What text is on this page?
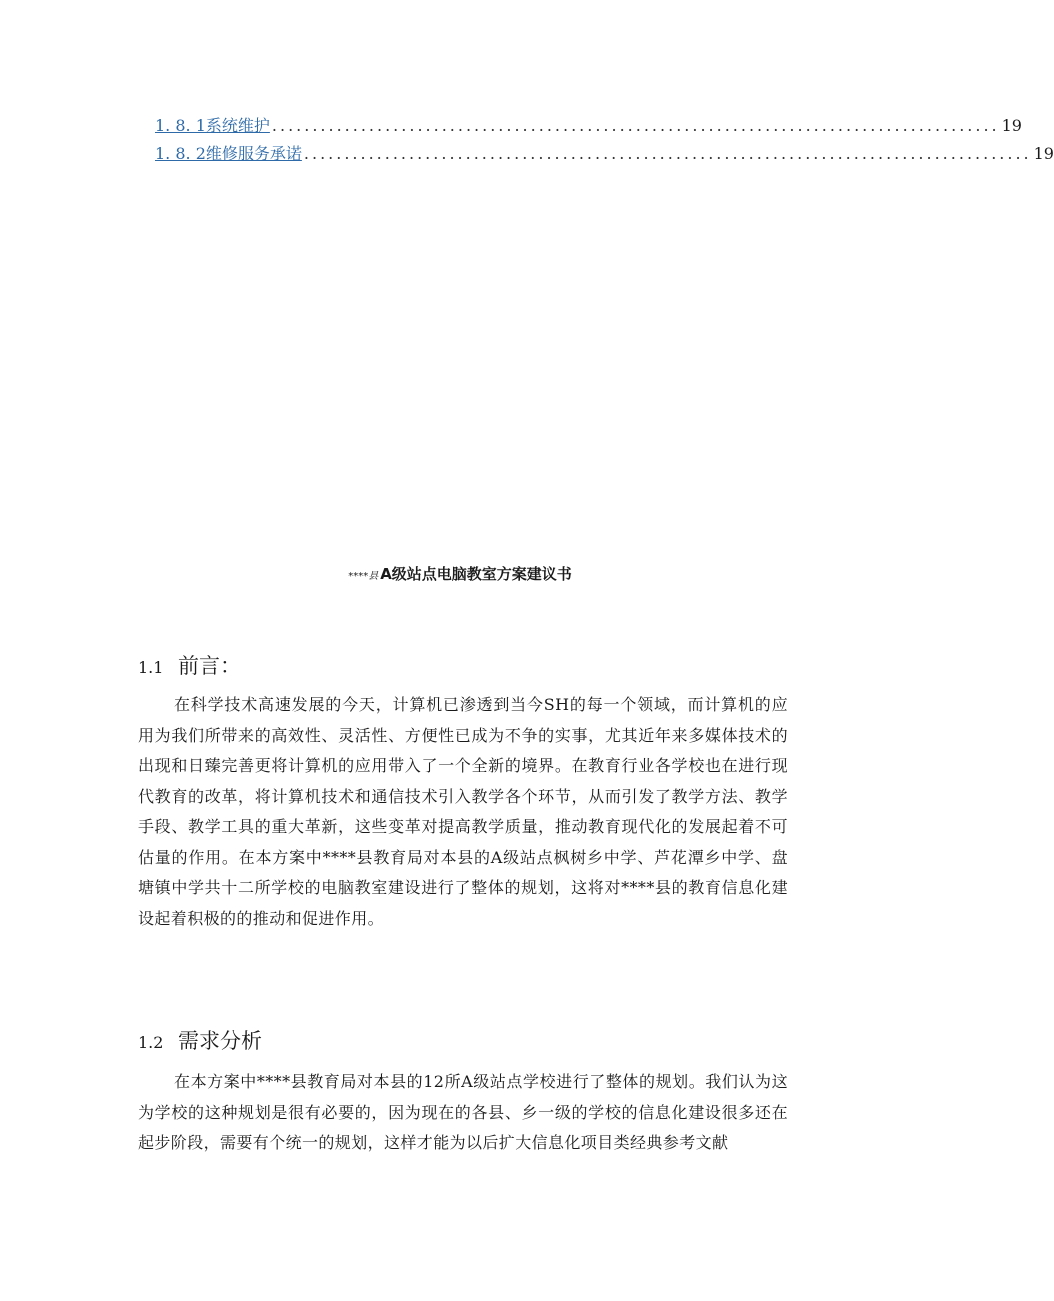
1. 8. 1系统维护 .......................................................................................... 19
1. 8. 2维修服务承诺 .......................................................................................... 19
****县 A级站点电脑教室方案建议书
1.1 前言：

在科学技术高速发展的今天，计算机已渗透到当今SH的每一个领域，而计算机的应用为我们所带来的高效性、灵活性、方便性已成为不争的实事，尤其近年来多媒体技术的出现和日臻完善更将计算机的应用带入了一个全新的境界。在教育行业各学校也在进行现代教育的改革，将计算机技术和通信技术引入教学各个环节，从而引发了教学方法、教学手段、教学工具的重大革新，这些变革对提高教学质量，推动教育现代化的发展起着不可估量的作用。在本方案中****县教育局对本县的A级站点枫树乡中学、芦花潭乡中学、盘塘镇中学共十二所学校的电脑教室建设进行了整体的规划，这将对****县的教育信息化建设起着积极的的推动和促进作用。

1.2 需求分析

在本方案中****县教育局对本县的12所A级站点学校进行了整体的规划。我们认为这为学校的这种规划是很有必要的，因为现在的各县、乡一级的学校的信息化建设很多还在起步阶段，需要有个统一的规划，这样才能为以后扩大信息化项目类经典参考文献
